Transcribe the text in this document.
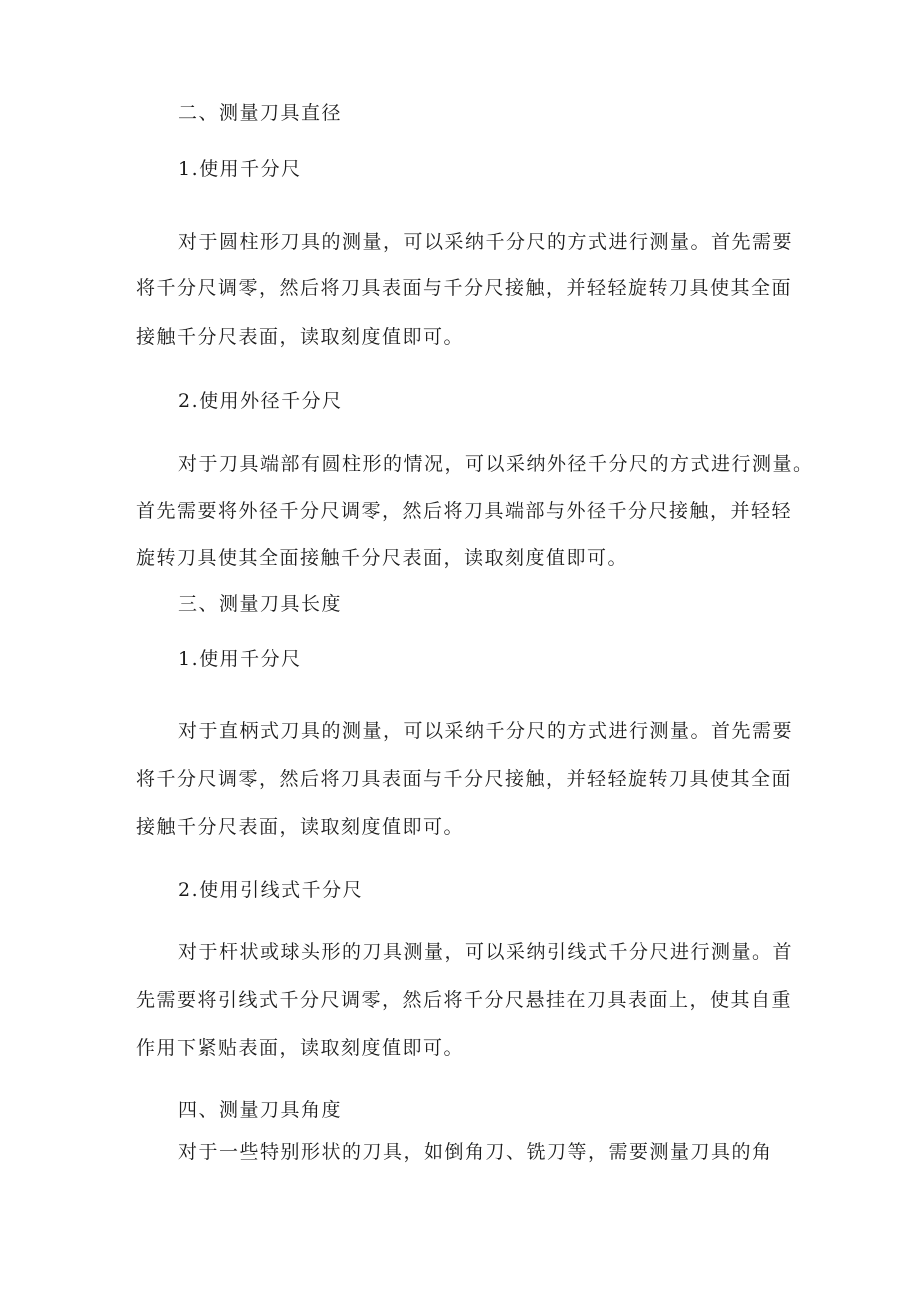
二、测量刀具直径
1.使用千分尺
对于圆柱形刀具的测量，可以采纳千分尺的方式进行测量。首先需要
将千分尺调零，然后将刀具表面与千分尺接触，并轻轻旋转刀具使其全面
接触千分尺表面，读取刻度值即可。
2.使用外径千分尺
对于刀具端部有圆柱形的情况，可以采纳外径千分尺的方式进行测量。
首先需要将外径千分尺调零，然后将刀具端部与外径千分尺接触，并轻轻
旋转刀具使其全面接触千分尺表面，读取刻度值即可。
三、测量刀具长度
1.使用千分尺
对于直柄式刀具的测量，可以采纳千分尺的方式进行测量。首先需要
将千分尺调零，然后将刀具表面与千分尺接触，并轻轻旋转刀具使其全面
接触千分尺表面，读取刻度值即可。
2.使用引线式千分尺
对于杆状或球头形的刀具测量，可以采纳引线式千分尺进行测量。首
先需要将引线式千分尺调零，然后将千分尺悬挂在刀具表面上，使其自重
作用下紧贴表面，读取刻度值即可。
四、测量刀具角度
对于一些特别形状的刀具，如倒角刀、铣刀等，需要测量刀具的角
